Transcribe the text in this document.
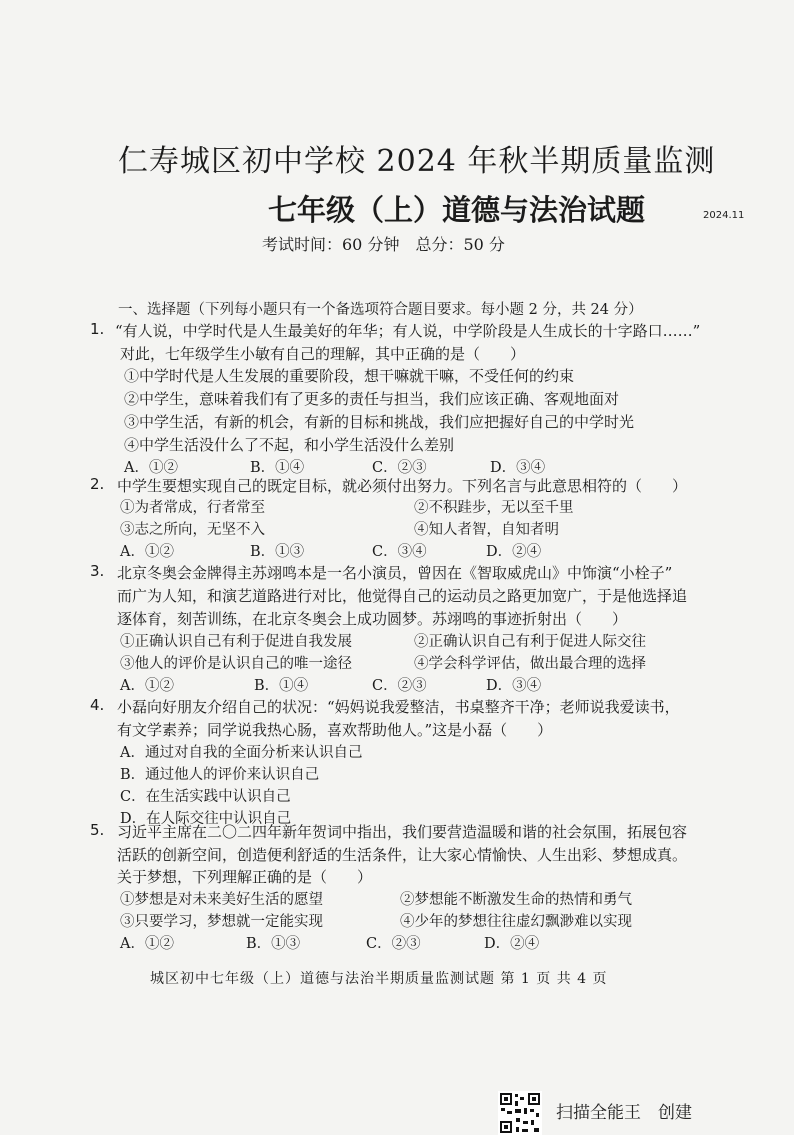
仁寿城区初中学校 2024 年秋半期质量监测
七年级（上）道德与法治试题	2024.11
考试时间：60 分钟　总分：50 分
一、选择题（下列每小题只有一个备选项符合题目要求。每小题 2 分，共 24 分）
1. “有人说，中学时代是人生最美好的年华；有人说，中学阶段是人生成长的十字路口……”
对此，七年级学生小敏有自己的理解，其中正确的是（　　）
①中学时代是人生发展的重要阶段，想干嘛就干嘛，不受任何的约束
②中学生，意味着我们有了更多的责任与担当，我们应该正确、客观地面对
③中学生活，有新的机会，有新的目标和挑战，我们应把握好自己的中学时光
④中学生活没什么了不起，和小学生活没什么差别
A．①②	B．①④	C．②③	D．③④
2. 中学生要想实现自己的既定目标，就必须付出努力。下列名言与此意思相符的（　　）
①为者常成，行者常至	②不积跬步，无以至千里
③志之所向，无坚不入	④知人者智，自知者明
A．①②	B．①③	C．③④	D．②④
3. 北京冬奥会金牌得主苏翊鸣本是一名小演员，曾因在《智取威虎山》中饰演“小栓子”
而广为人知，和演艺道路进行对比，他觉得自己的运动员之路更加宽广，于是他选择追
逐体育，刻苦训练，在北京冬奥会上成功圆梦。苏翊鸣的事迹折射出（　　）
①正确认识自己有利于促进自我发展	②正确认识自己有利于促进人际交往
③他人的评价是认识自己的唯一途径	④学会科学评估，做出最合理的选择
A．①②	B．①④	C．②③	D．③④
4. 小磊向好朋友介绍自己的状况：“妈妈说我爱整洁，书桌整齐干净；老师说我爱读书，
有文学素养；同学说我热心肠，喜欢帮助他人。”这是小磊（　　）
A．通过对自我的全面分析来认识自己
B．通过他人的评价来认识自己
C．在生活实践中认识自己
D．在人际交往中认识自己
5. 习近平主席在二〇二四年新年贺词中指出，我们要营造温暖和谐的社会氛围，拓展包容
活跃的创新空间，创造便利舒适的生活条件，让大家心情愉快、人生出彩、梦想成真。
关于梦想，下列理解正确的是（　　）
①梦想是对未来美好生活的愿望	②梦想能不断激发生命的热情和勇气
③只要学习，梦想就一定能实现	④少年的梦想往往虚幻飘渺难以实现
A．①②	B．①③	C．②③	D．②④
城区初中七年级（上）道德与法治半期质量监测试题 第 1 页 共 4 页
扫描全能王　创建
